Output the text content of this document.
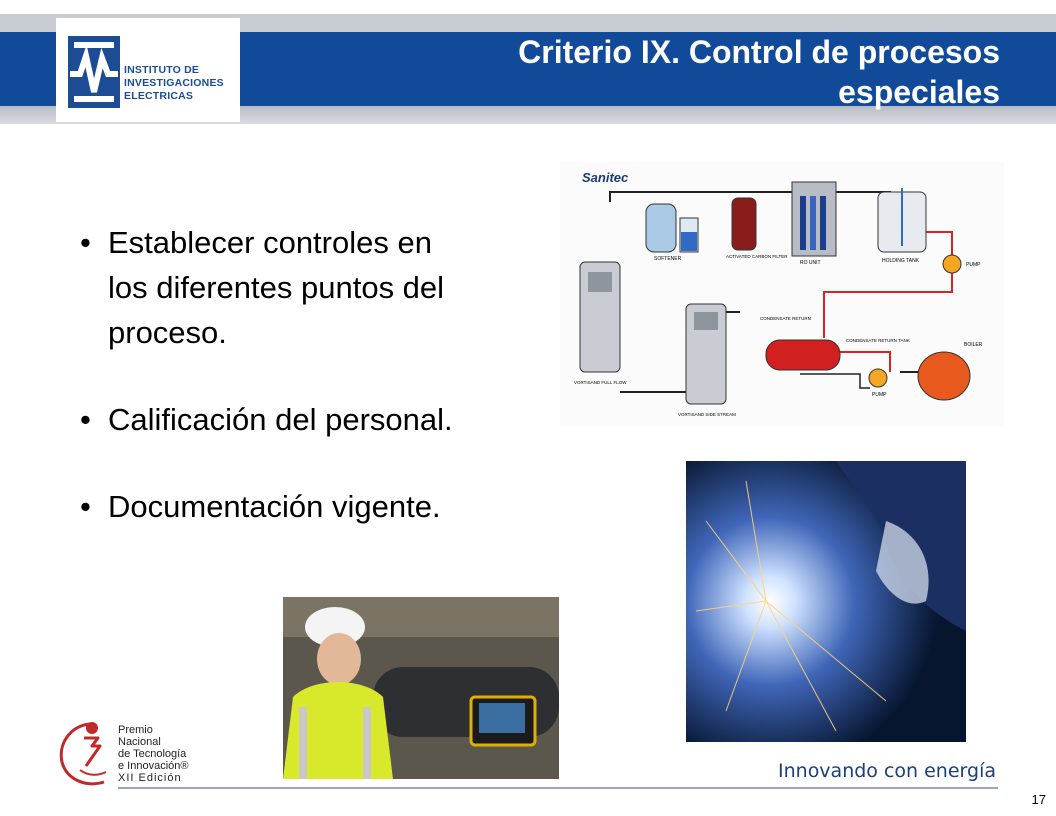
INSTITUTO DE
INVESTIGACIONES
ELECTRICAS
Criterio IX. Control de procesos especiales
• Establecer controles en los diferentes puntos del proceso.
• Calificación del personal.
• Documentación vigente.
Sanitec
SOFTENER	ACTIVATED CARBON FILTER
RO UNIT	HOLDING TANK
PUMP
VORTISAND FULL FLOW
VORTISAND SIDE STREAM
CONDENSATE RETURN
CONDENSATE RETURN TANK
PUMP
BOILER
Premio
Nacional
de Tecnología
e Innovación®
XII Edición	Innovando con energía
17
